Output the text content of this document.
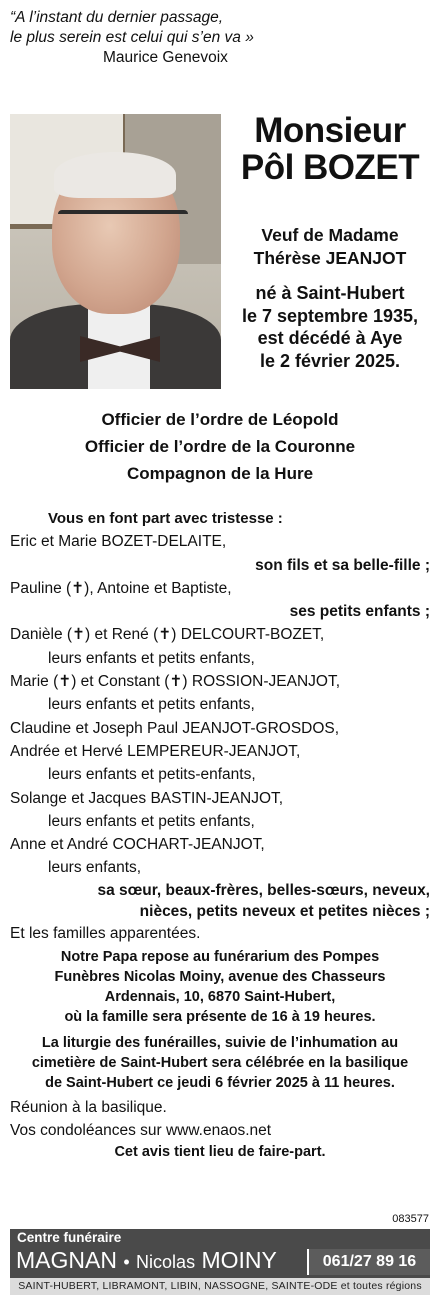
“A l’instant du dernier passage,
le plus serein est celui qui s’en va »
Maurice Genevoix
Monsieur
Pôl BOZET
Veuf de Madame
Thérèse JEANJOT
né à Saint-Hubert
le 7 septembre 1935,
est décédé à Aye
le 2 février 2025.
Officier de l’ordre de Léopold
Officier de l’ordre de la Couronne
Compagnon de la Hure
Vous en font part avec tristesse :
Eric et Marie BOZET-DELAITE,
son fils et sa belle-fille ;
Pauline (✝), Antoine et Baptiste,
ses petits enfants ;
Danièle (✝) et René (✝) DELCOURT-BOZET,
leurs enfants et petits enfants,
Marie (✝) et Constant (✝) ROSSION-JEANJOT,
leurs enfants et petits enfants,
Claudine et Joseph Paul JEANJOT-GROSDOS,
Andrée et Hervé LEMPEREUR-JEANJOT,
leurs enfants et petits-enfants,
Solange et Jacques BASTIN-JEANJOT,
leurs enfants et petits enfants,
Anne et André COCHART-JEANJOT,
leurs enfants,
sa sœur, beaux-frères, belles-sœurs, neveux,
nièces, petits neveux et petites nièces ;
Et les familles apparentées.
Notre Papa repose au funérarium des Pompes
Funèbres Nicolas Moiny, avenue des Chasseurs
Ardennais, 10, 6870 Saint-Hubert,
où la famille sera présente de 16 à 19 heures.
La liturgie des funérailles, suivie de l’inhumation au
cimetière de Saint-Hubert sera célébrée en la basilique
de Saint-Hubert ce jeudi 6 février 2025 à 11 heures.
Réunion à la basilique.
Vos condoléances sur www.enaos.net
Cet avis tient lieu de faire-part.
083577
Centre funéraire
MAGNAN • Nicolas MOINY	061/27 89 16
SAINT-HUBERT, LIBRAMONT, LIBIN, NASSOGNE, SAINTE-ODE et toutes régions
